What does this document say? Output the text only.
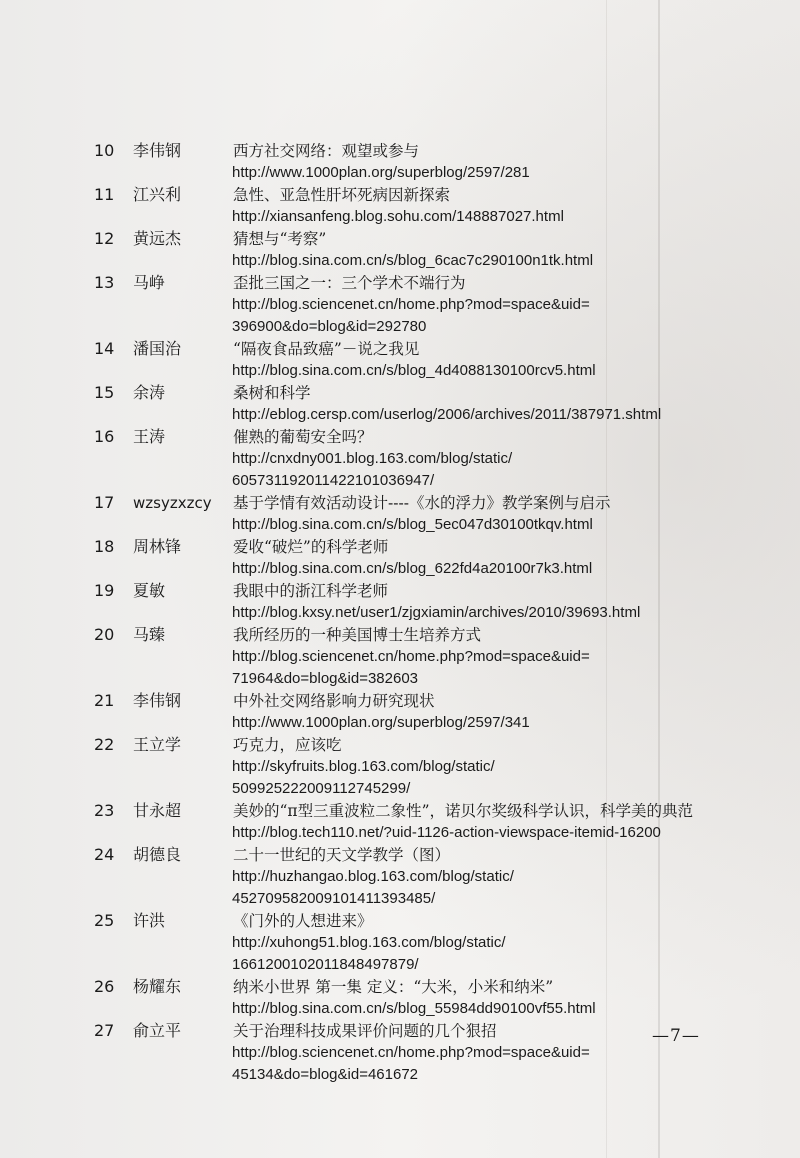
10	李伟钢	西方社交网络：观望或参与
http://www.1000plan.org/superblog/2597/281
11	江兴利	急性、亚急性肝坏死病因新探索
http://xiansanfeng.blog.sohu.com/148887027.html
12	黄远杰	猜想与“考察”
http://blog.sina.com.cn/s/blog_6cac7c290100n1tk.html
13	马峥	歪批三国之一：三个学术不端行为
http://blog.sciencenet.cn/home.php?mod=space&uid=
396900&do=blog&id=292780
14	潘国治	“隔夜食品致癌”－说之我见
http://blog.sina.com.cn/s/blog_4d4088130100rcv5.html
15	余涛	桑树和科学
http://eblog.cersp.com/userlog/2006/archives/2011/387971.shtml
16	王涛	催熟的葡萄安全吗？
http://cnxdny001.blog.163.com/blog/static/
605731192011422101036947/
17	wzsyzxzcy 基于学情有效活动设计----《水的浮力》教学案例与启示
http://blog.sina.com.cn/s/blog_5ec047d30100tkqv.html
18	周林锋	爱收“破烂”的科学老师
http://blog.sina.com.cn/s/blog_622fd4a20100r7k3.html
19	夏敏	我眼中的浙江科学老师
http://blog.kxsy.net/user1/zjgxiamin/archives/2010/39693.html
20	马臻	我所经历的一种美国博士生培养方式
http://blog.sciencenet.cn/home.php?mod=space&uid=
71964&do=blog&id=382603
21	李伟钢	中外社交网络影响力研究现状
http://www.1000plan.org/superblog/2597/341
22	王立学	巧克力，应该吃
http://skyfruits.blog.163.com/blog/static/
509925222009112745299/
23	甘永超	美妙的“π型三重波粒二象性”，诺贝尔奖级科学认识，科学美的典范
http://blog.tech110.net/?uid-1126-action-viewspace-itemid-16200
24	胡德良	二十一世纪的天文学教学（图）
http://huzhangao.blog.163.com/blog/static/
452709582009101411393485/
25	许洪	《门外的人想进来》
http://xuhong51.blog.163.com/blog/static/
1661200102011848497879/
26	杨耀东	纳米小世界 第一集 定义：“大米，小米和纳米”
http://blog.sina.com.cn/s/blog_55984dd90100vf55.html
27	俞立平	关于治理科技成果评价问题的几个狠招
http://blog.sciencenet.cn/home.php?mod=space&uid=
45134&do=blog&id=461672
—7—
